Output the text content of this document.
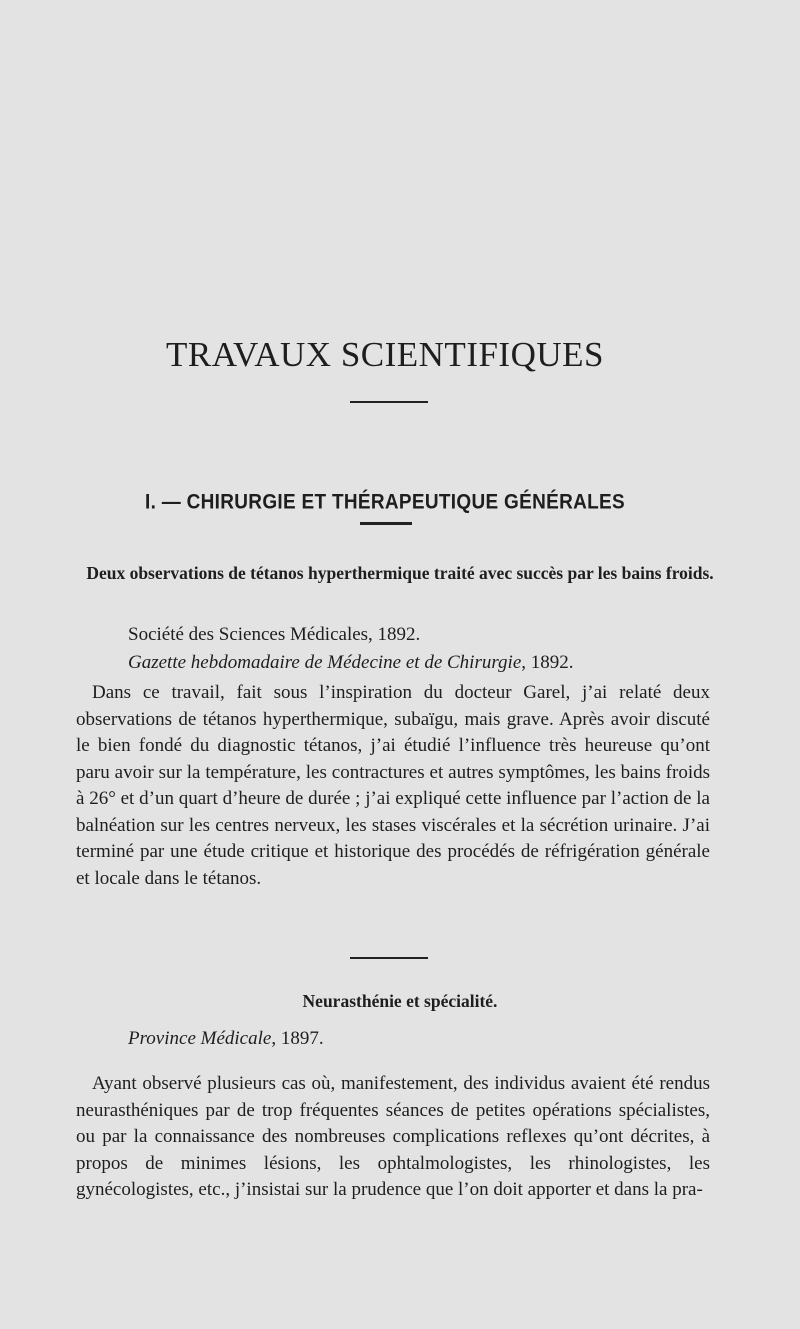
TRAVAUX SCIENTIFIQUES
I. — CHIRURGIE ET THÉRAPEUTIQUE GÉNÉRALES
Deux observations de tétanos hyperthermique traité avec succès par les bains froids.
Société des Sciences Médicales, 1892.
Gazette hebdomadaire de Médecine et de Chirurgie, 1892.

Dans ce travail, fait sous l’inspiration du docteur Garel, j’ai relaté deux observations de tétanos hyperthermique, subaïgu, mais grave. Après avoir discuté le bien fondé du diagnostic tétanos, j’ai étudié l’influence très heureuse qu’ont paru avoir sur la température, les contractures et autres symptômes, les bains froids à 26° et d’un quart d’heure de durée ; j’ai expliqué cette influence par l’action de la balnéation sur les centres nerveux, les stases viscérales et la sécrétion urinaire. J’ai terminé par une étude critique et historique des procédés de réfrigération générale et locale dans le tétanos.

Neurasthénie et spécialité.
Province Médicale, 1897.

Ayant observé plusieurs cas où, manifestement, des individus avaient été rendus neurasthéniques par de trop fréquentes séances de petites opérations spécialistes, ou par la connaissance des nombreuses complications reflexes qu’ont décrites, à propos de minimes lésions, les ophtalmologistes, les rhinologistes, les gynécologistes, etc., j’insistai sur la prudence que l’on doit apporter et dans la pra-
